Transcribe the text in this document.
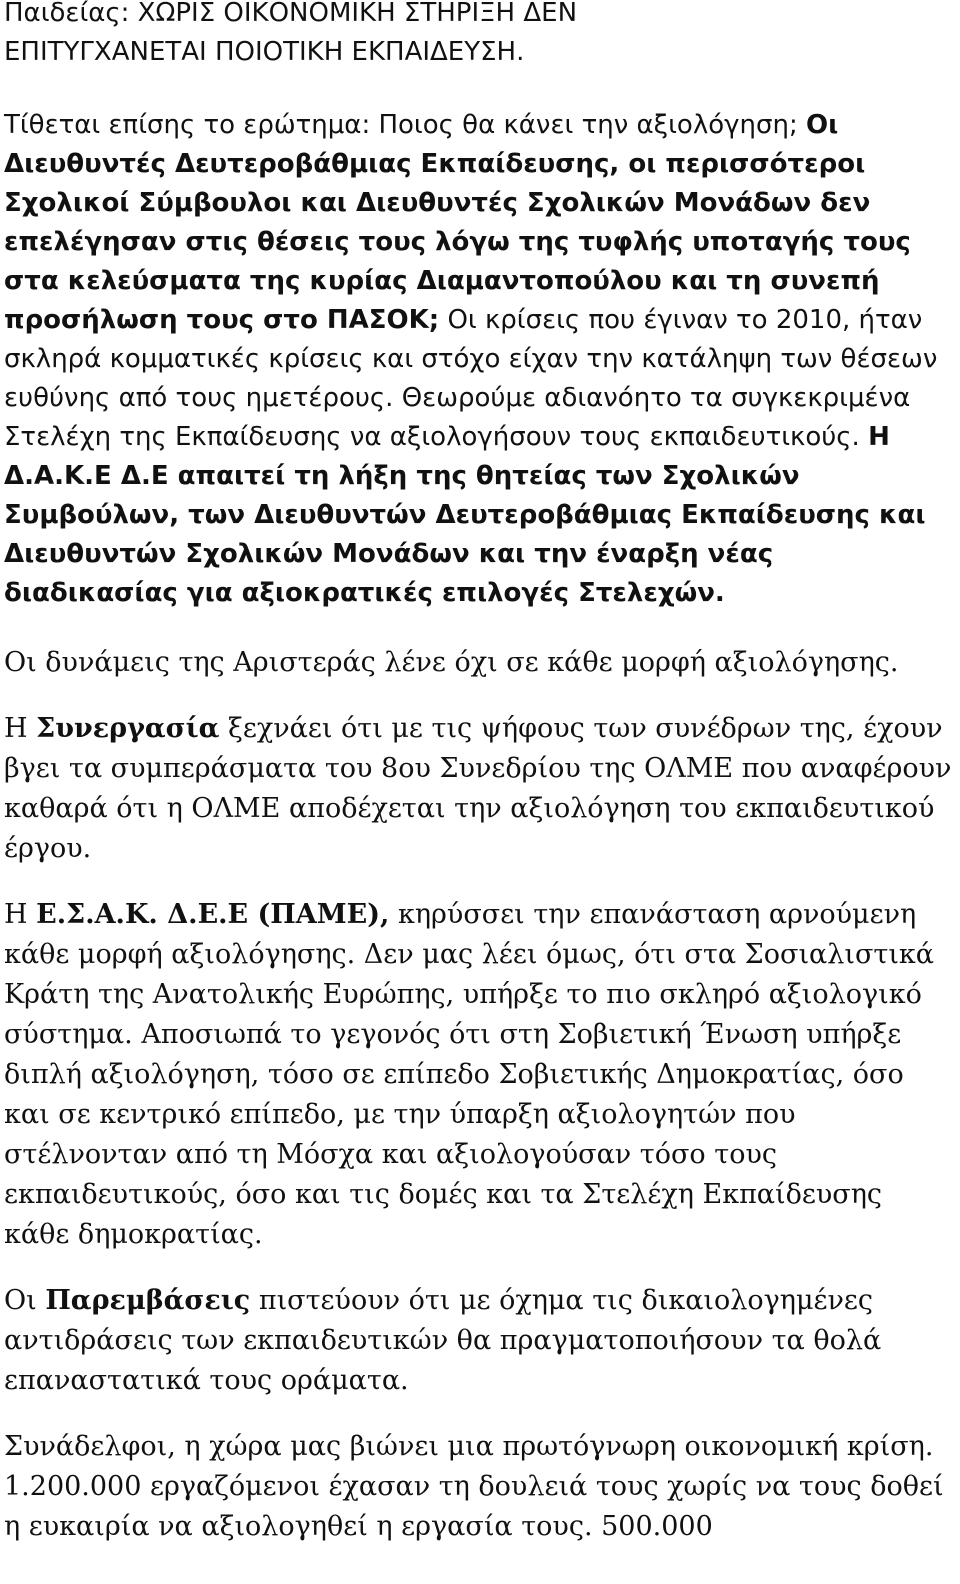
Παιδείας: ΧΩΡΙΣ ΟΙΚΟΝΟΜΙΚΗ ΣΤΗΡΙΞΗ ΔΕΝ
ΕΠΙΤΥΓΧΑΝΕΤΑΙ ΠΟΙΟΤΙΚΗ ΕΚΠΑΙΔΕΥΣΗ.

Τίθεται επίσης το ερώτημα: Ποιος θα κάνει την αξιολόγηση; Οι Διευθυντές Δευτεροβάθμιας Εκπαίδευσης, οι περισσότεροι Σχολικοί Σύμβουλοι και Διευθυντές Σχολικών Μονάδων δεν επελέγησαν στις θέσεις τους λόγω της τυφλής υποταγής τους στα κελεύσματα της κυρίας Διαμαντοπούλου και τη συνεπή προσήλωση τους στο ΠΑΣΟΚ; Οι κρίσεις που έγιναν το 2010, ήταν σκληρά κομματικές κρίσεις και στόχο είχαν την κατάληψη των θέσεων ευθύνης από τους ημετέρους. Θεωρούμε αδιανόητο τα συγκεκριμένα Στελέχη της Εκπαίδευσης να αξιολογήσουν τους εκπαιδευτικούς. Η Δ.Α.Κ.Ε Δ.Ε απαιτεί τη λήξη της θητείας των Σχολικών Συμβούλων, των Διευθυντών Δευτεροβάθμιας Εκπαίδευσης και Διευθυντών Σχολικών Μονάδων και την έναρξη νέας διαδικασίας για αξιοκρατικές επιλογές Στελεχών.

Οι δυνάμεις της Αριστεράς λένε όχι σε κάθε μορφή αξιολόγησης.

Η Συνεργασία ξεχνάει ότι με τις ψήφους των συνέδρων της, έχουν βγει τα συμπεράσματα του 8ου Συνεδρίου της ΟΛΜΕ που αναφέρουν καθαρά ότι η ΟΛΜΕ αποδέχεται την αξιολόγηση του εκπαιδευτικού έργου.

Η Ε.Σ.Α.Κ. Δ.Ε.Ε (ΠΑΜΕ), κηρύσσει την επανάσταση αρνούμενη κάθε μορφή αξιολόγησης. Δεν μας λέει όμως, ότι στα Σοσιαλιστικά Κράτη της Ανατολικής Ευρώπης, υπήρξε το πιο σκληρό αξιολογικό σύστημα. Αποσιωπά το γεγονός ότι στη Σοβιετική Ένωση υπήρξε διπλή αξιολόγηση, τόσο σε επίπεδο Σοβιετικής Δημοκρατίας, όσο και σε κεντρικό επίπεδο, με την ύπαρξη αξιολογητών που στέλνονταν από τη Μόσχα και αξιολογούσαν τόσο τους εκπαιδευτικούς, όσο και τις δομές και τα Στελέχη Εκπαίδευσης κάθε δημοκρατίας.

Οι Παρεμβάσεις πιστεύουν ότι με όχημα τις δικαιολογημένες αντιδράσεις των εκπαιδευτικών θα πραγματοποιήσουν τα θολά επαναστατικά τους οράματα.

Συνάδελφοι, η χώρα μας βιώνει μια πρωτόγνωρη οικονομική κρίση. 1.200.000 εργαζόμενοι έχασαν τη δουλειά τους χωρίς να τους δοθεί η ευκαιρία να αξιολογηθεί η εργασία τους. 500.000
